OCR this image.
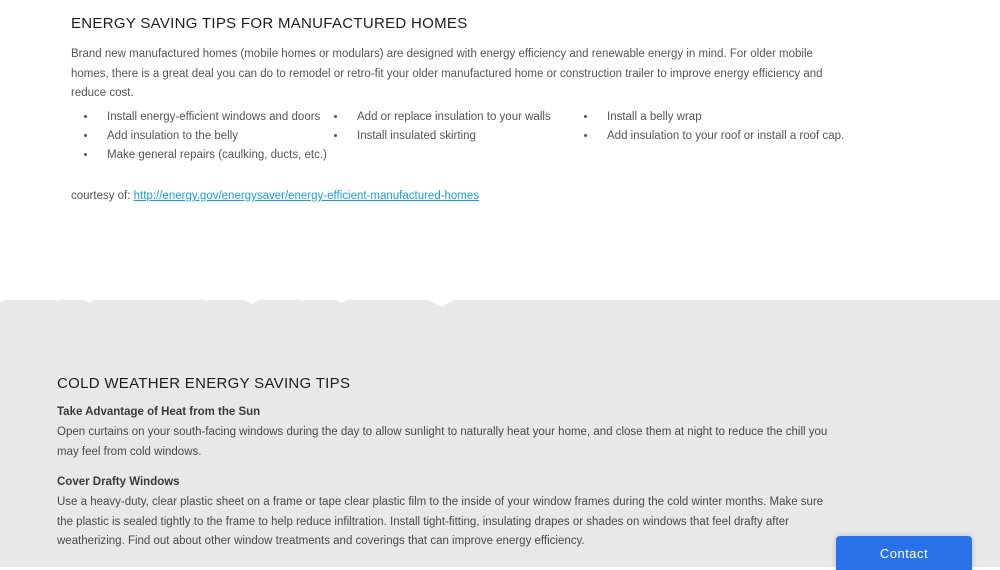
ENERGY SAVING TIPS FOR MANUFACTURED HOMES

Brand new manufactured homes (mobile homes or modulars) are designed with energy efficiency and renewable energy in mind. For older mobile homes, there is a great deal you can do to remodel or retro-fit your older manufactured home or construction trailer to improve energy efficiency and reduce cost.

• Install energy-efficient windows and doors
• Add insulation to the belly
• Make general repairs (caulking, ducts, etc.)
• Add or replace insulation to your walls
• Install insulated skirting
• Install a belly wrap
• Add insulation to your roof or install a roof cap.
courtesy of: http://energy.gov/energysaver/energy-efficient-manufactured-homes
COLD WEATHER ENERGY SAVING TIPS

Take Advantage of Heat from the Sun

Open curtains on your south-facing windows during the day to allow sunlight to naturally heat your home, and close them at night to reduce the chill you may feel from cold windows.

Cover Drafty Windows

Use a heavy-duty, clear plastic sheet on a frame or tape clear plastic film to the inside of your window frames during the cold winter months. Make sure the plastic is sealed tightly to the frame to help reduce infiltration. Install tight-fitting, insulating drapes or shades on windows that feel drafty after weatherizing. Find out about other window treatments and coverings that can improve energy efficiency.

Contact
